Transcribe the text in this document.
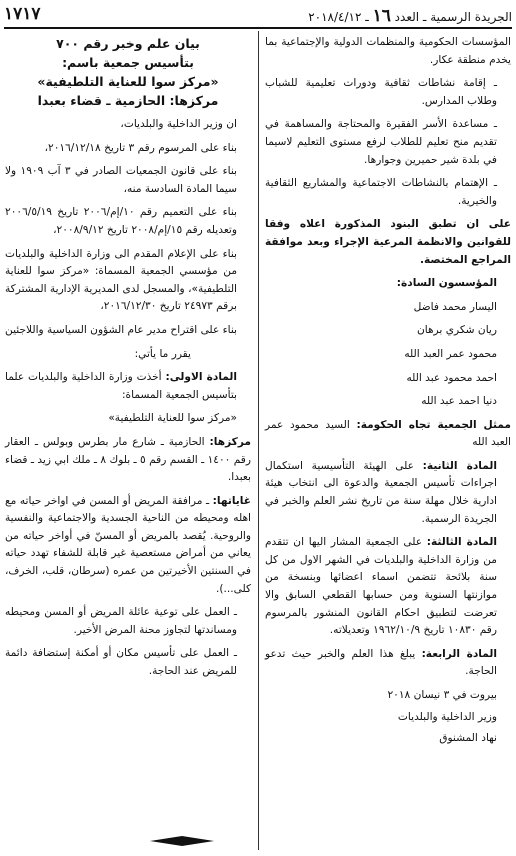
١٧١٧	الجريدة الرسمية ـ العدد ١٦ ـ ٢٠١٨/٤/١٢

المؤسسات الحكومية والمنظمات الدولية والإجتماعية بما يخدم منطقة عكار.

ـ إقامة نشاطات ثقافية ودورات تعليمية للشباب وطلاب المدارس.

ـ مساعدة الأسر الفقيرة والمحتاجة والمساهمة في تقديم منح تعليم للطلاب لرفع مستوى التعليم لاسيما في بلدة شير حميرين وجوارها.

ـ الإهتمام بالنشاطات الاجتماعية والمشاريع الثقافية والخيرية.

على ان تطبق البنود المذكورة اعلاه وفقا للقوانين والانظمة المرعية الإجراء وبعد موافقة المراجع المختصة.

المؤسسون السادة:

اليسار محمد فاضل
ريان شكري برهان
محمود عمر العبد الله
احمد محمود عبد الله
دنيا احمد عبد الله

ممثل الجمعية تجاه الحكومة: السيد محمود عمر العبد الله

المادة الثانية: على الهيئة التأسيسية استكمال اجراءات تأسيس الجمعية والدعوة الى انتخاب هيئة ادارية خلال مهلة سنة من تاريخ نشر العلم والخبر في الجريدة الرسمية.

المادة الثالثة: على الجمعية المشار اليها ان تتقدم من وزارة الداخلية والبلديات في الشهر الاول من كل سنة بلائحة تتضمن اسماء اعضائها وبنسخة من موازنتها السنوية ومن حسابها القطعي السابق والا تعرضت لتطبيق احكام القانون المنشور بالمرسوم رقم ١٠٨٣٠ تاريخ ١٩٦٢/١٠/٩ وتعديلاته.

المادة الرابعة: يبلغ هذا العلم والخبر حيث تدعو الحاجة.

بيروت في ٣ نيسان ٢٠١٨
وزير الداخلية والبلديات
نهاد المشنوق
بيان علم وخبر رقم ٧٠٠
بتأسيس جمعية باسم:
«مركز سوا للعناية التلطيفية»
مركزها: الحازمية ـ قضاء بعبدا

ان وزير الداخلية والبلديات،

بناء على المرسوم رقم ٣ تاريخ ٢٠١٦/١٢/١٨،

بناء على قانون الجمعيات الصادر في ٣ آب ١٩٠٩ ولا سيما المادة السادسة منه،

بناء على التعميم رقم ١٠/إم/٢٠٠٦ تاريخ ٢٠٠٦/٥/١٩ وتعديله رقم ١٥/إم/٢٠٠٨ تاريخ ٢٠٠٨/٩/١٢،

بناء على الإعلام المقدم الى وزارة الداخلية والبلديات من مؤسسي الجمعية المسماة: «مركز سوا للعناية التلطيفية»، والمسجل لدى المديرية الإدارية المشتركة برقم ٢٤٩٧٣ تاريخ ٢٠١٦/١٢/٣٠،

بناء على اقتراح مدير عام الشؤون السياسية واللاجئين

يقرر ما يأتي:

المادة الاولى: أخذت وزارة الداخلية والبلديات علما بتأسيس الجمعية المسماة:

«مركز سوا للعناية التلطيفية»

مركزها: الحازمية ـ شارع مار بطرس وبولس ـ العقار رقم ١٤٠٠ ـ القسم رقم ٥ ـ بلوك ٨ ـ ملك ابي زيد ـ قضاء بعبدا.

غاياتها: ـ مرافقة المريض أو المسن في اواخر حياته مع اهله ومحيطه من الناحية الجسدية والاجتماعية والنفسية والروحية. يُقصد بالمريض أو المسنّ في أواخر حياته من يعاني من أمراض مستعصية غير قابلة للشفاء تهدد حياته في السنتين الأخيرتين من عمره (سرطان، قلب، الخرف، كلى...).

ـ العمل على توعية عائلة المريض أو المسن ومحيطه ومساندتها لتجاوز محنة المرض الأخير.

ـ العمل على تأسيس مكان أو أمكنة إستضافة دائمة للمريض عند الحاجة.
